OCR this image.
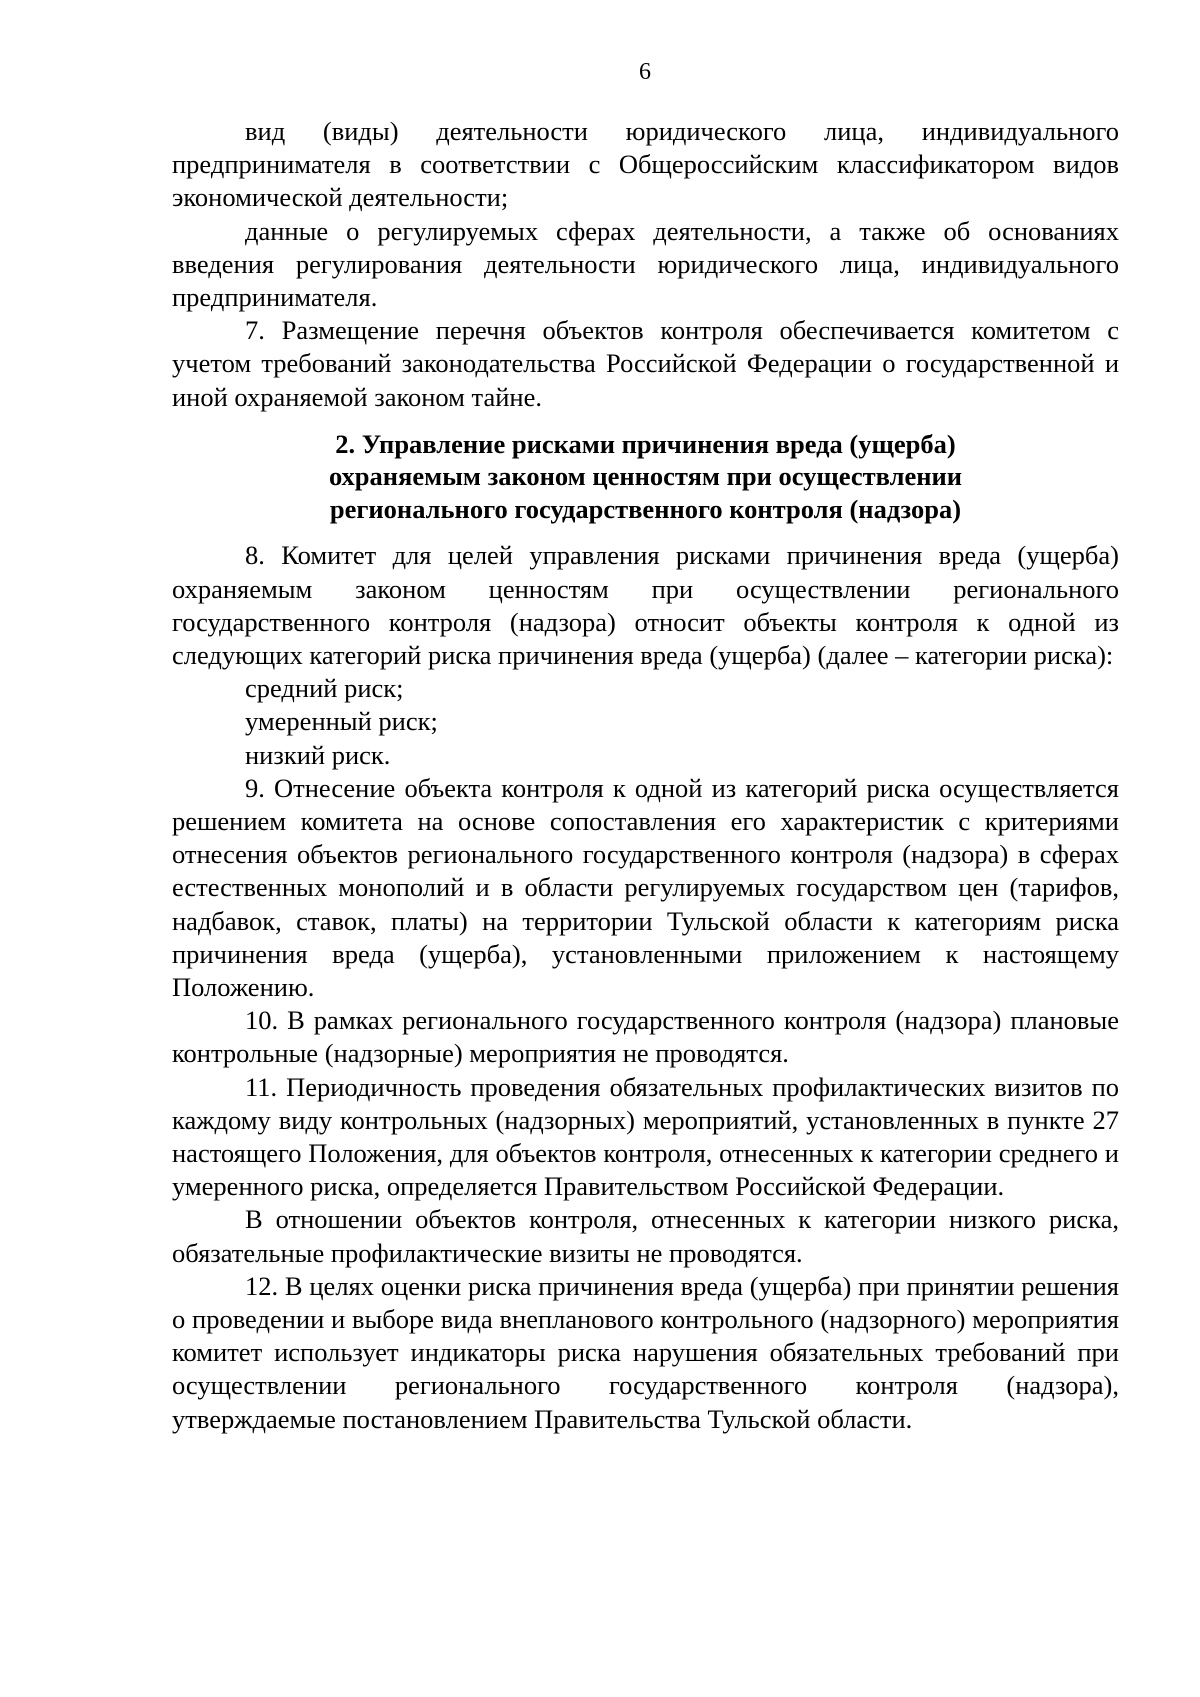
6

вид (виды) деятельности юридического лица, индивидуального предпринимателя в соответствии с Общероссийским классификатором видов экономической деятельности;

данные о регулируемых сферах деятельности, а также об основаниях введения регулирования деятельности юридического лица, индивидуального предпринимателя.

7. Размещение перечня объектов контроля обеспечивается комитетом с учетом требований законодательства Российской Федерации о государственной и иной охраняемой законом тайне.

2. Управление рисками причинения вреда (ущерба)
охраняемым законом ценностям при осуществлении
регионального государственного контроля (надзора)

8. Комитет для целей управления рисками причинения вреда (ущерба) охраняемым законом ценностям при осуществлении регионального государственного контроля (надзора) относит объекты контроля к одной из следующих категорий риска причинения вреда (ущерба) (далее – категории риска):

средний риск;

умеренный риск;

низкий риск.

9. Отнесение объекта контроля к одной из категорий риска осуществляется решением комитета на основе сопоставления его характеристик с критериями отнесения объектов регионального государственного контроля (надзора) в сферах естественных монополий и в области регулируемых государством цен (тарифов, надбавок, ставок, платы) на территории Тульской области к категориям риска причинения вреда (ущерба), установленными приложением к настоящему Положению.

10. В рамках регионального государственного контроля (надзора) плановые контрольные (надзорные) мероприятия не проводятся.

11. Периодичность проведения обязательных профилактических визитов по каждому виду контрольных (надзорных) мероприятий, установленных в пункте 27 настоящего Положения, для объектов контроля, отнесенных к категории среднего и умеренного риска, определяется Правительством Российской Федерации.

В отношении объектов контроля, отнесенных к категории низкого риска, обязательные профилактические визиты не проводятся.

12. В целях оценки риска причинения вреда (ущерба) при принятии решения о проведении и выборе вида внепланового контрольного (надзорного) мероприятия комитет использует индикаторы риска нарушения обязательных требований при осуществлении регионального государственного контроля (надзора), утверждаемые постановлением Правительства Тульской области.
